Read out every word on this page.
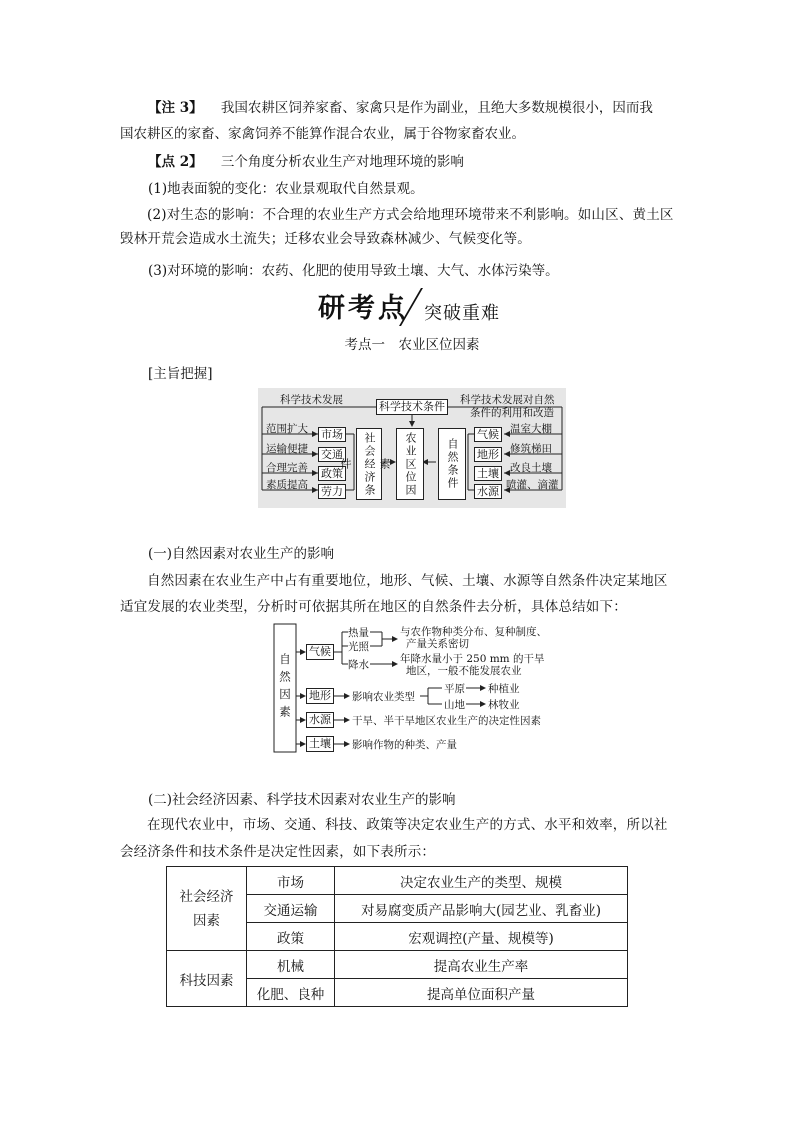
【注 3】 我国农耕区饲养家畜、家禽只是作为副业，且绝大多数规模很小，因而我
国农耕区的家畜、家禽饲养不能算作混合农业，属于谷物家畜农业。
【点 2】 三个角度分析农业生产对地理环境的影响
(1)地表面貌的变化：农业景观取代自然景观。
(2)对生态的影响：不合理的农业生产方式会给地理环境带来不利影响。如山区、黄土区毁林开荒会造成水土流失；迁移农业会导致森林减少、气候变化等。
(3)对环境的影响：农药、化肥的使用导致土壤、大气、水体污染等。
研考点 突破重难
考点一　农业区位因素
[主旨把握]
科学技术发展	科学技术条件 科学技术发展对自然
条件的利用和改造
范围扩大
运输便捷
合理完善
素质提高
市场
交通
政策
劳力	社会经济条件	农业区位因素	自然条件
气候
地形
土壤
水源
温室大棚
修筑梯田
改良土壤
喷灌、滴灌
(一)自然因素对农业生产的影响
自然因素在农业生产中占有重要地位，地形、气候、土壤、水源等自然条件决定某地区适宜发展的农业类型，分析时可依据其所在地区的自然条件去分析，具体总结如下：
自然因素
气候
热量
光照
与农作物种类分布、复种制度、
产量关系密切
降水	年降水量小于 250 mm 的干旱
地区，一般不能发展农业
地形 影响农业类型
平原 种植业
山地 林牧业
水源 干旱、半干旱地区农业生产的决定性因素
土壤 影响作物的种类、产量
(二)社会经济因素、科学技术因素对农业生产的影响
在现代农业中，市场、交通、科技、政策等决定农业生产的方式、水平和效率，所以社会经济条件和技术条件是决定性因素，如下表所示：
社会经济因素	市场	决定农业生产的类型、规模
	交通运输	对易腐变质产品影响大(园艺业、乳畜业)
	政策	宏观调控(产量、规模等)
科技因素	机械	提高农业生产率
	化肥、良种	提高单位面积产量
